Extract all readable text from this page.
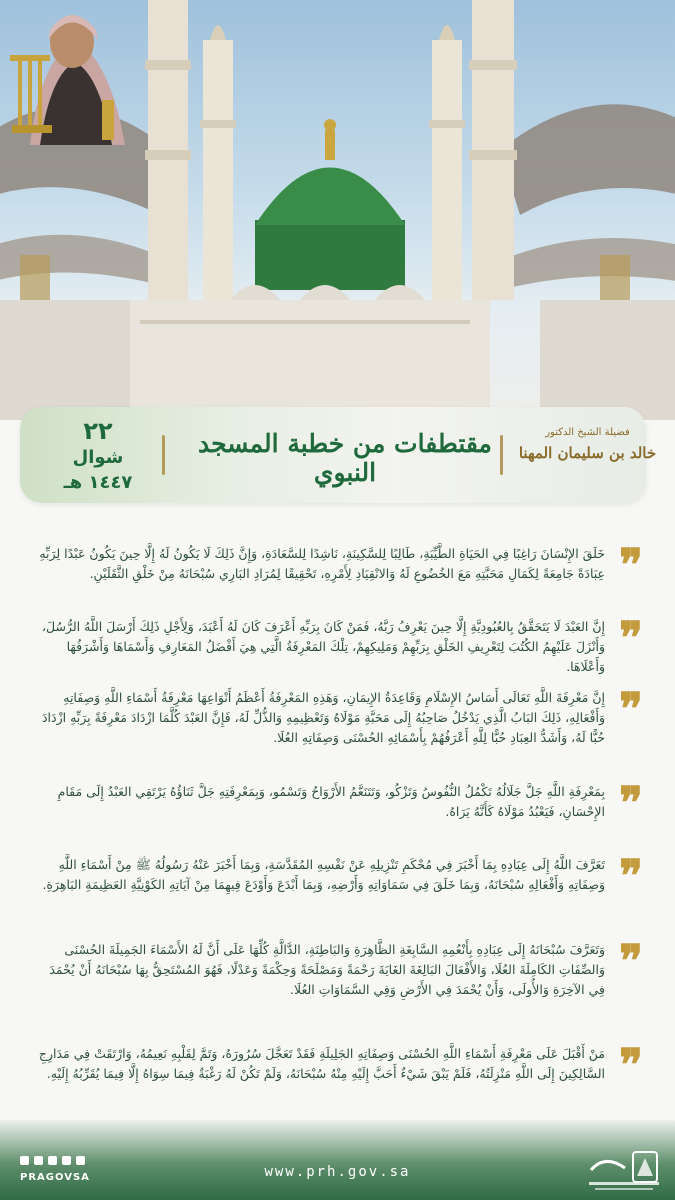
٢٢
شوال
١٤٤٧ هـ
مقتطفات من خطبة المسجد النبوي
فضيلة الشيخ الدكتور
خالد بن سليمان المهنا
❞
خَلَقَ الإِنْسَانَ رَاغِبًا فِي الحَيَاةِ الطَّيِّبَةِ، طَالِبًا لِلسَّكِينَةِ، نَاشِدًا لِلسَّعَادَةِ، وَإِنَّ ذَلِكَ لَا يَكُونُ لَهُ إِلَّا حِينَ يَكُونُ عَبْدًا لِرَبِّهِ عِبَادَةً جَامِعَةً لِكَمَالِ مَحَبَّتِهِ مَعَ الخُضُوعِ لَهُ وَالانْقِيَادِ لِأَمْرِهِ، تَحْقِيقًا لِمُرَادِ البَارِي سُبْحَانَهُ مِنْ خَلْقِ الثَّقَلَيْنِ.
❞
إِنَّ العَبْدَ لَا يَتَحَقَّقُ بِالعُبُودِيَّةِ إِلَّا حِينَ يَعْرِفُ رَبَّهُ، فَمَنْ كَانَ بِرَبِّهِ أَعْرَفَ كَانَ لَهُ أَعْبَدَ، وَلِأَجْلِ ذَلِكَ أَرْسَلَ اللَّهُ الرُّسُلَ، وَأَنْزَلَ عَلَيْهِمُ الكُتُبَ لِتَعْرِيفِ الخَلْقِ بِرَبِّهِمْ وَمَلِيكِهِمْ، تِلْكَ المَعْرِفَةُ الَّتِي هِيَ أَفْضَلُ المَعَارِفِ وَأَسْمَاهَا وَأَشْرَفُهَا وَأَعْلَاهَا.
❞
إِنَّ مَعْرِفَةَ اللَّهِ تَعَالَى أَسَاسُ الإِسْلَامِ وَقَاعِدَةُ الإِيمَانِ، وَهَذِهِ المَعْرِفَةُ أَعْظَمُ أَنْوَاعِهَا مَعْرِفَةُ أَسْمَاءِ اللَّهِ وَصِفَاتِهِ وَأَفْعَالِهِ، ذَلِكَ البَابُ الَّذِي يَدْخُلُ صَاحِبُهُ إِلَى مَحَبَّةِ مَوْلَاهُ وَتَعْظِيمِهِ وَالذُّلِّ لَهُ، فَإِنَّ العَبْدَ كُلَّمَا ازْدَادَ مَعْرِفَةً بِرَبِّهِ ازْدَادَ حُبًّا لَهُ، وَأَشَدُّ العِبَادِ حُبًّا لِلَّهِ أَعْرَفُهُمْ بِأَسْمَائِهِ الحُسْنَى وَصِفَاتِهِ العُلَا.
❞
بِمَعْرِفَةِ اللَّهِ جَلَّ جَلَالُهُ تَكْمُلُ النُّفُوسُ وَتَزْكُو، وَتَتَنَعَّمُ الأَرْوَاحُ وَتَسْمُو، وَبِمَعْرِفَتِهِ جَلَّ ثَنَاؤُهُ يَرْتَقِي العَبْدُ إِلَى مَقَامِ الإِحْسَانِ، فَيَعْبُدُ مَوْلَاهُ كَأَنَّهُ يَرَاهُ.
❞
تَعَرَّفَ اللَّهُ إِلَى عِبَادِهِ بِمَا أَخْبَرَ فِي مُحْكَمِ تَنْزِيلِهِ عَنْ نَفْسِهِ المُقَدَّسَةِ، وَبِمَا أَخْبَرَ عَنْهُ رَسُولُهُ ﷺ مِنْ أَسْمَاءِ اللَّهِ وَصِفَاتِهِ وَأَفْعَالِهِ سُبْحَانَهُ، وَبِمَا خَلَقَ فِي سَمَاوَاتِهِ وَأَرْضِهِ، وَبِمَا أَبْدَعَ وَأَوْدَعَ فِيهِمَا مِنْ آيَاتِهِ الكَوْنِيَّةِ العَظِيمَةِ البَاهِرَةِ.
❞
وَتَعَرَّفَ سُبْحَانَهُ إِلَى عِبَادِهِ بِأَنْعُمِهِ السَّابِغَةِ الظَّاهِرَةِ وَالبَاطِنَةِ، الدَّالَّةِ كُلِّهَا عَلَى أَنَّ لَهُ الأَسْمَاءَ الجَمِيلَةَ الحُسْنَى وَالصِّفَاتِ الكَامِلَةَ العُلَا، وَالأَفْعَالَ البَالِغَةَ الغَايَةَ رَحْمَةً وَمَصْلَحَةً وَحِكْمَةً وَعَدْلًا، فَهُوَ المُسْتَحِقُّ بِهَا سُبْحَانَهُ أَنْ يُحْمَدَ فِي الآخِرَةِ وَالأُولَى، وَأَنْ يُحْمَدَ فِي الأَرْضِ وَفِي السَّمَاوَاتِ العُلَا.
❞
مَنْ أَقْبَلَ عَلَى مَعْرِفَةِ أَسْمَاءِ اللَّهِ الحُسْنَى وَصِفَاتِهِ الجَلِيلَةِ فَقَدْ تَعَجَّلَ سُرُورَهُ، وَتَمَّ لِقَلْبِهِ نَعِيمُهُ، وَارْتَقَتْ فِي مَدَارِجِ السَّالِكِينَ إِلَى اللَّهِ مَنْزِلَتُهُ، فَلَمْ يَبْقَ شَيْءٌ أَحَبَّ إِلَيْهِ مِنْهُ سُبْحَانَهُ، وَلَمْ تَكُنْ لَهُ رَغْبَةٌ فِيمَا سِوَاهُ إِلَّا فِيمَا يُقَرِّبُهُ إِلَيْهِ.
PRAGOVSA	www.prh.gov.sa
